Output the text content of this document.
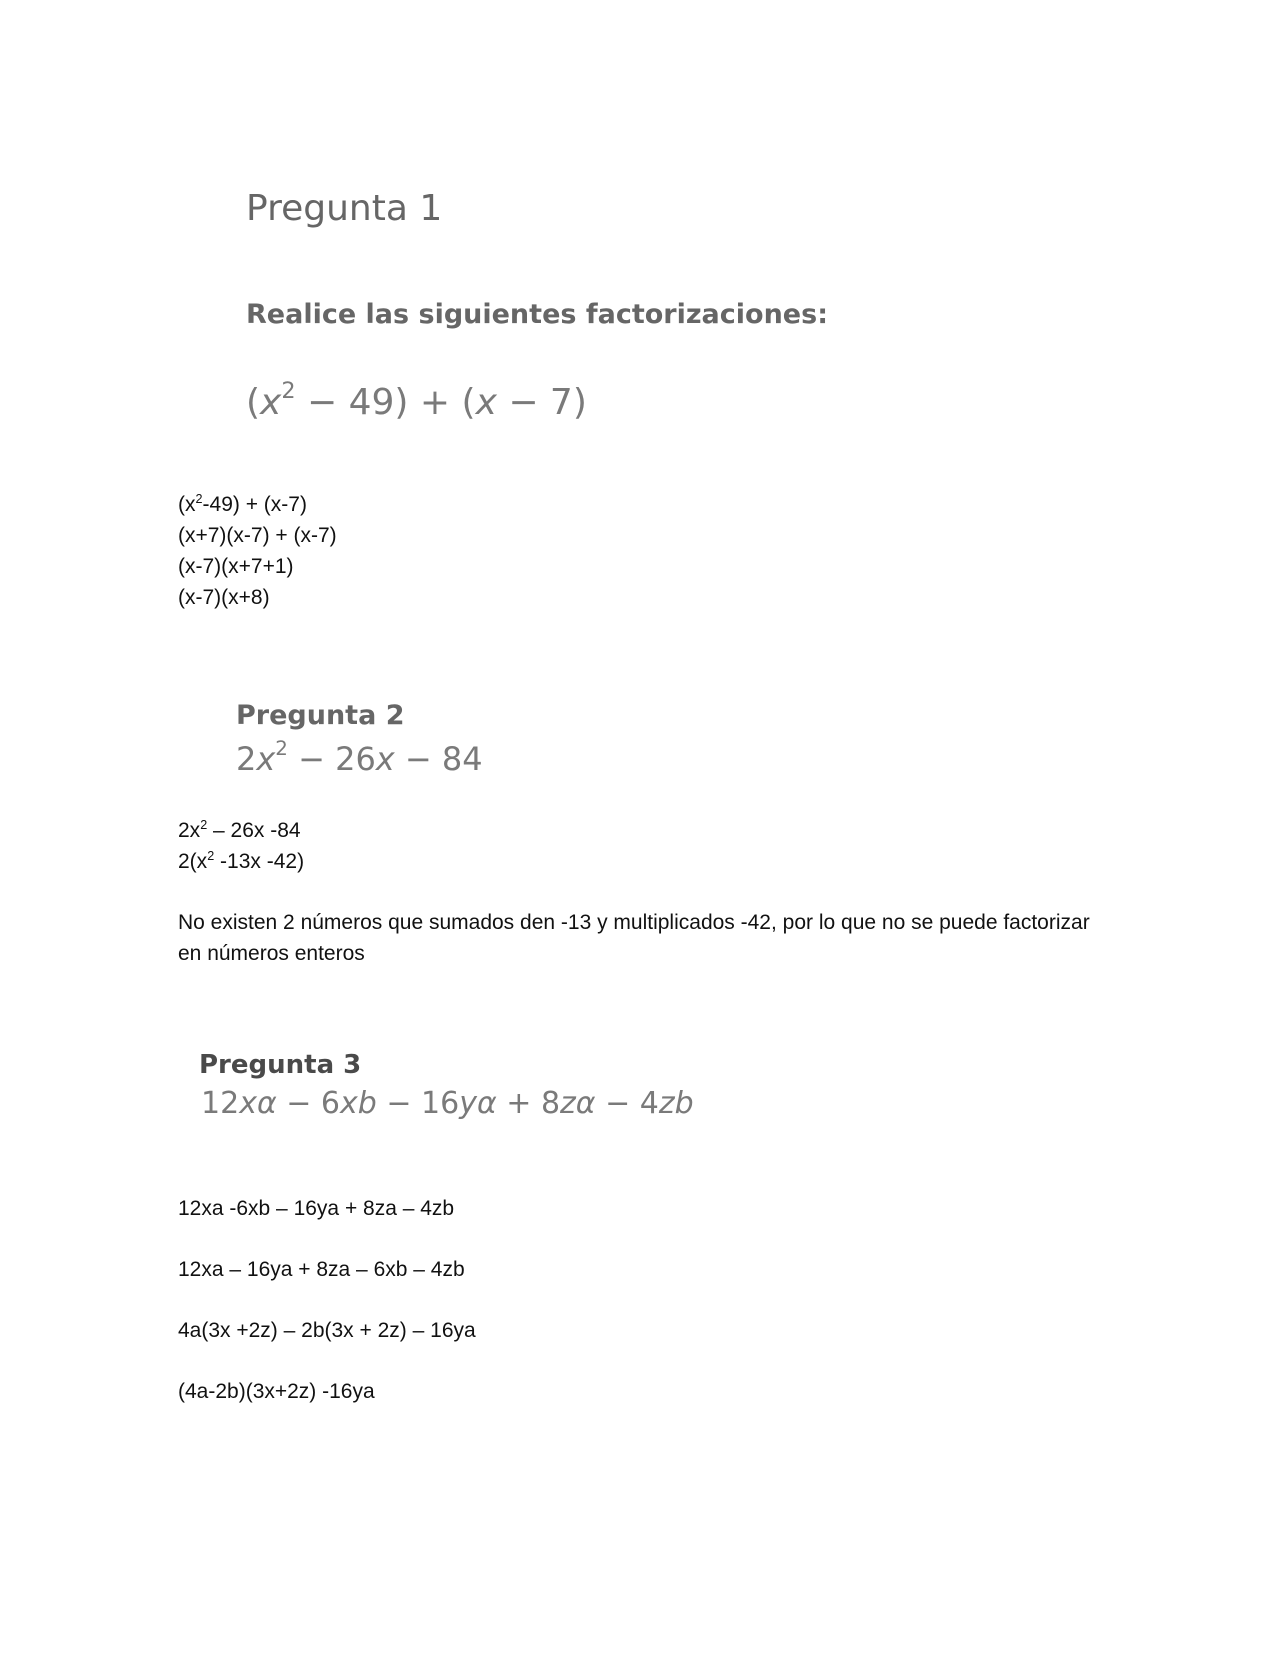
Pregunta 1
Realice las siguientes factorizaciones:
$(x^2 - 49) + (x - 7)$
$(x^2-49) + (x-7)$
(x+7)(x-7) + (x-7)
(x-7)(x+7+1)
(x-7)(x+8)
Pregunta 2
$2x^2 - 26x - 84$
$2x^2 - 26x$ -84
$2(x^2$ -13x -42)
No existen 2 números que sumados den -13 y multiplicados -42, por lo que no se puede factorizar en números enteros
Pregunta 3
12xα − 6xb − 16yα + 8zα − 4zb
12xa -6xb – 16ya + 8za – 4zb
12xa – 16ya + 8za – 6xb – 4zb
4a(3x +2z) – 2b(3x + 2z) – 16ya
(4a-2b)(3x+2z) -16ya
